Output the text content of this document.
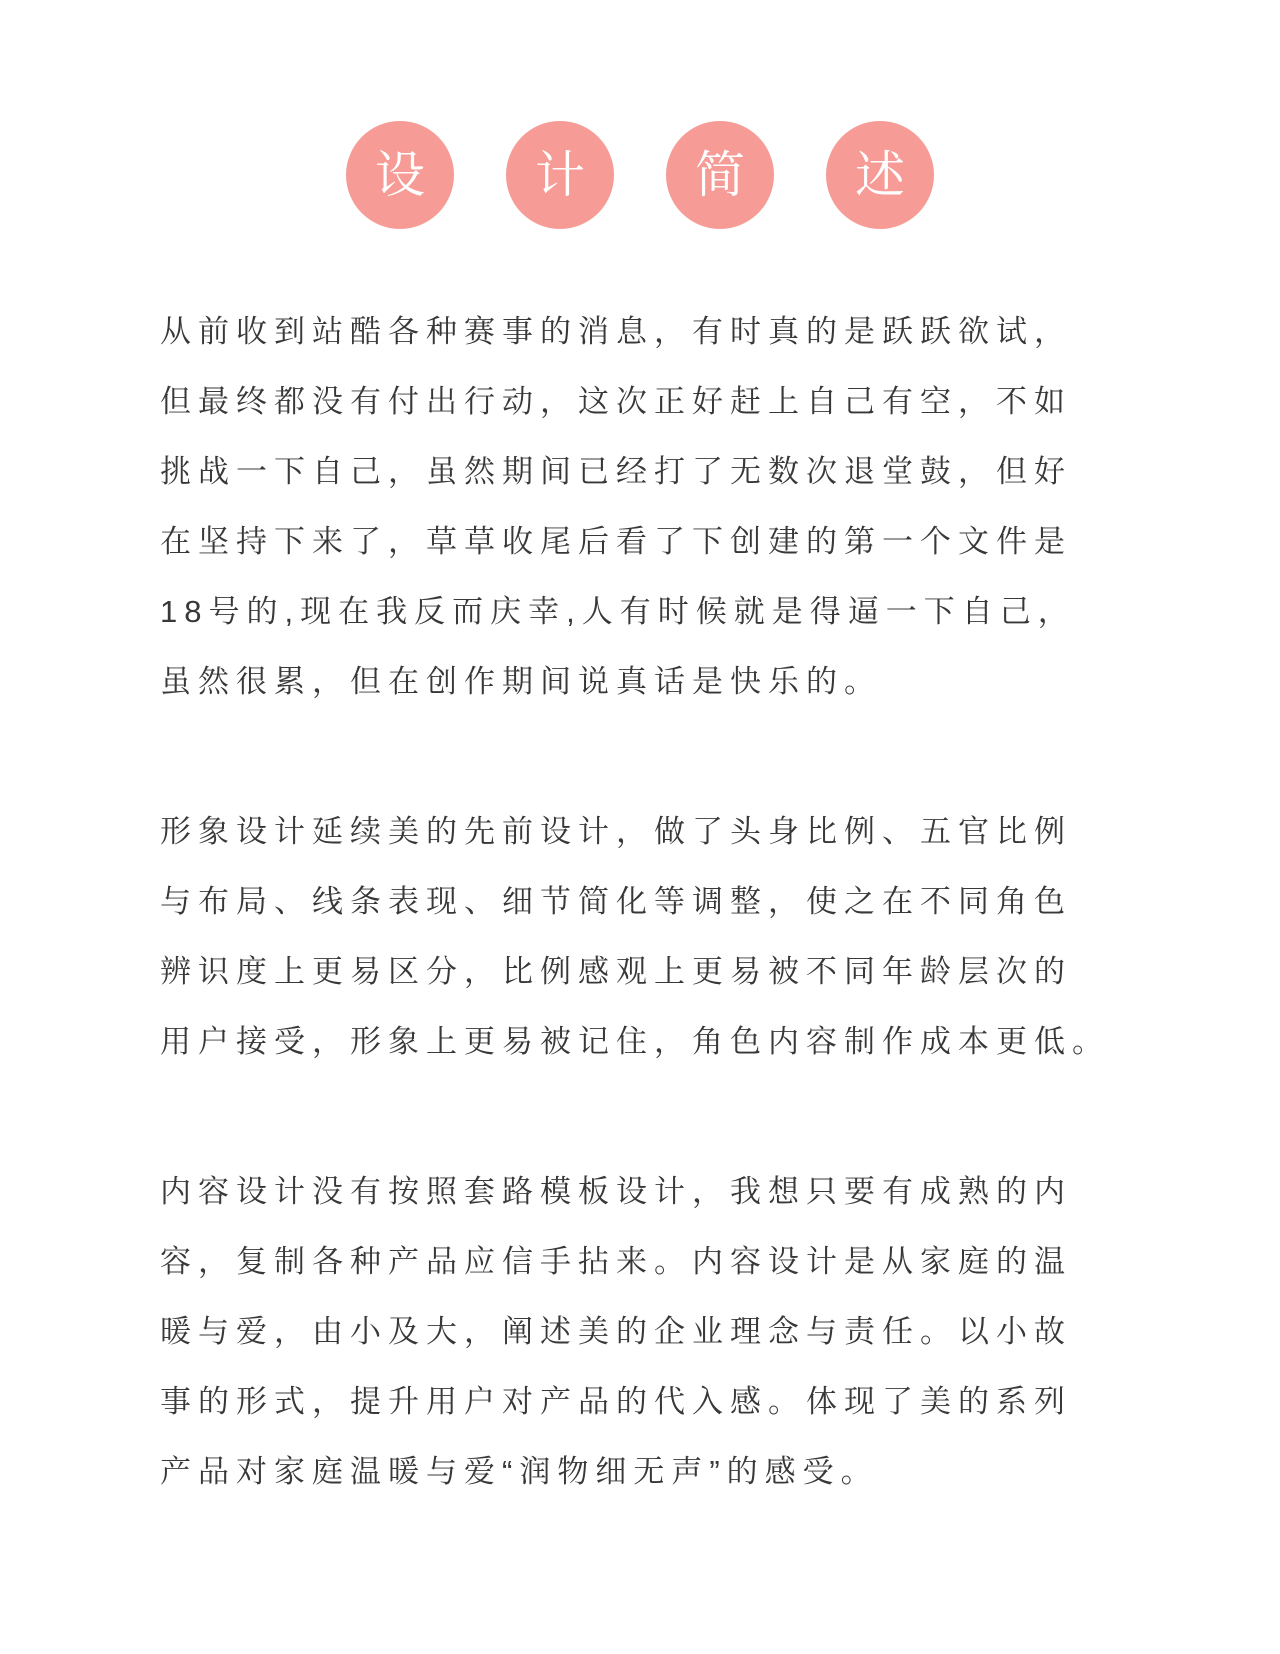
设 计 简 述

从前收到站酷各种赛事的消息，有时真的是跃跃欲试，
但最终都没有付出行动，这次正好赶上自己有空，不如
挑战一下自己，虽然期间已经打了无数次退堂鼓，但好
在坚持下来了，草草收尾后看了下创建的第一个文件是
18号的,现在我反而庆幸,人有时候就是得逼一下自己，
虽然很累，但在创作期间说真话是快乐的。

形象设计延续美的先前设计，做了头身比例、五官比例
与布局、线条表现、细节简化等调整，使之在不同角色
辨识度上更易区分，比例感观上更易被不同年龄层次的
用户接受，形象上更易被记住，角色内容制作成本更低。

内容设计没有按照套路模板设计，我想只要有成熟的内
容，复制各种产品应信手拈来。内容设计是从家庭的温
暖与爱，由小及大，阐述美的企业理念与责任。以小故
事的形式，提升用户对产品的代入感。体现了美的系列
产品对家庭温暖与爱“润物细无声”的感受。
